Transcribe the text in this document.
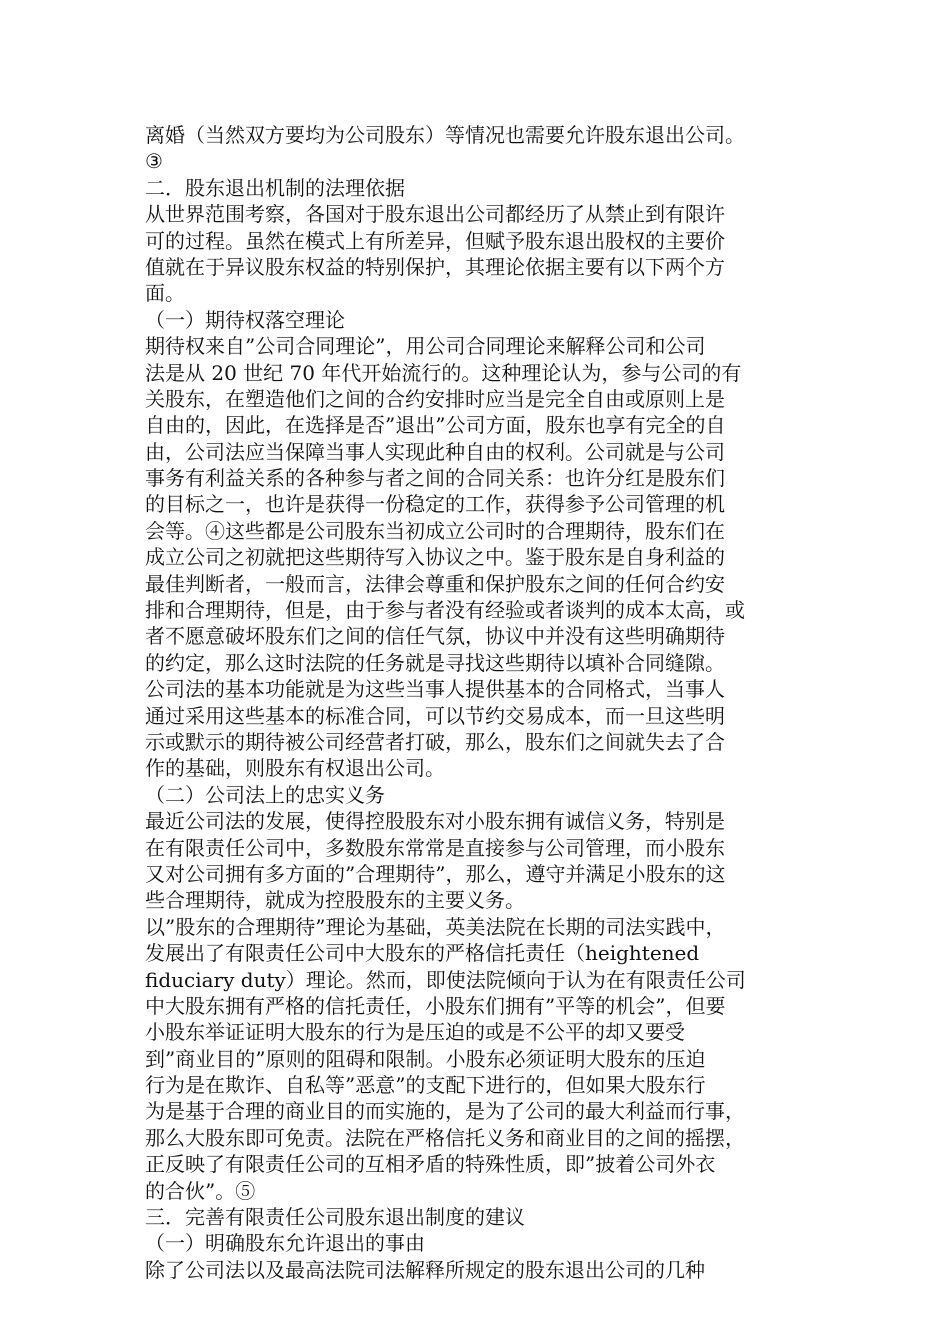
离婚（当然双方要均为公司股东）等情况也需要允许股东退出公司。
③
二．股东退出机制的法理依据
从世界范围考察，各国对于股东退出公司都经历了从禁止到有限许
可的过程。虽然在模式上有所差异，但赋予股东退出股权的主要价
值就在于异议股东权益的特别保护，其理论依据主要有以下两个方
面。
（一）期待权落空理论
期待权来自”公司合同理论”，用公司合同理论来解释公司和公司
法是从 20 世纪 70 年代开始流行的。这种理论认为，参与公司的有
关股东，在塑造他们之间的合约安排时应当是完全自由或原则上是
自由的，因此，在选择是否”退出”公司方面，股东也享有完全的自
由，公司法应当保障当事人实现此种自由的权利。公司就是与公司
事务有利益关系的各种参与者之间的合同关系：也许分红是股东们
的目标之一，也许是获得一份稳定的工作，获得参予公司管理的机
会等。④这些都是公司股东当初成立公司时的合理期待，股东们在
成立公司之初就把这些期待写入协议之中。鉴于股东是自身利益的
最佳判断者，一般而言，法律会尊重和保护股东之间的任何合约安
排和合理期待，但是，由于参与者没有经验或者谈判的成本太高，或
者不愿意破坏股东们之间的信任气氛，协议中并没有这些明确期待
的约定，那么这时法院的任务就是寻找这些期待以填补合同缝隙。
公司法的基本功能就是为这些当事人提供基本的合同格式，当事人
通过采用这些基本的标准合同，可以节约交易成本，而一旦这些明
示或默示的期待被公司经营者打破，那么，股东们之间就失去了合
作的基础，则股东有权退出公司。
（二）公司法上的忠实义务
最近公司法的发展，使得控股股东对小股东拥有诚信义务，特别是
在有限责任公司中，多数股东常常是直接参与公司管理，而小股东
又对公司拥有多方面的”合理期待”，那么，遵守并满足小股东的这
些合理期待，就成为控股股东的主要义务。
以”股东的合理期待”理论为基础，英美法院在长期的司法实践中，
发展出了有限责任公司中大股东的严格信托责任（heightened
fiduciary duty）理论。然而，即使法院倾向于认为在有限责任公司
中大股东拥有严格的信托责任，小股东们拥有”平等的机会”，但要
小股东举证证明大股东的行为是压迫的或是不公平的却又要受
到”商业目的”原则的阻碍和限制。小股东必须证明大股东的压迫
行为是在欺诈、自私等”恶意”的支配下进行的，但如果大股东行
为是基于合理的商业目的而实施的，是为了公司的最大利益而行事，
那么大股东即可免责。法院在严格信托义务和商业目的之间的摇摆，
正反映了有限责任公司的互相矛盾的特殊性质，即”披着公司外衣
的合伙”。⑤
三．完善有限责任公司股东退出制度的建议
（一）明确股东允许退出的事由
除了公司法以及最高法院司法解释所规定的股东退出公司的几种
